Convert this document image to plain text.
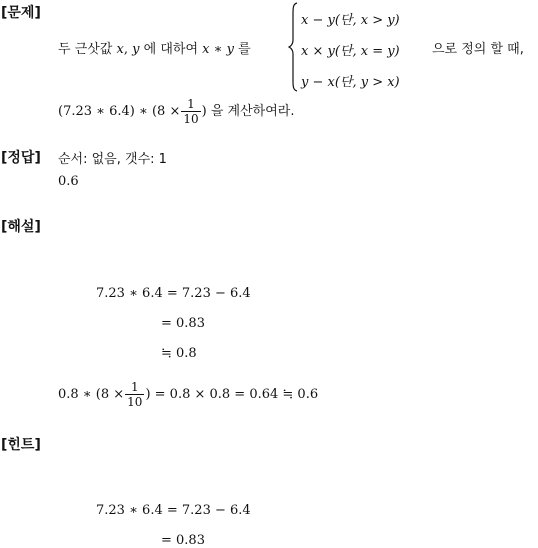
[문제]
두 근삿값 x, y 에 대하여 x ∗ y 를
x − y(단, x > y)
x × y(단, x = y)
y − x(단, y > x)
으로 정의 할 때,
(7.23 ∗ 6.4) ∗ ($8 \times \frac{1}{10}$ ) 을 계산하여라.
[정답] 순서: 없음, 갯수: 1
0.6
[해설]
7.23 ∗ 6.4 = 7.23 − 6.4
= 0.83
≒ 0.8
0.8 ∗ ($8 \times \frac{1}{10}$ ) = 0.8 × 0.8 = 0.64 ≒ 0.6
[힌트]
7.23 ∗ 6.4 = 7.23 − 6.4
= 0.83
